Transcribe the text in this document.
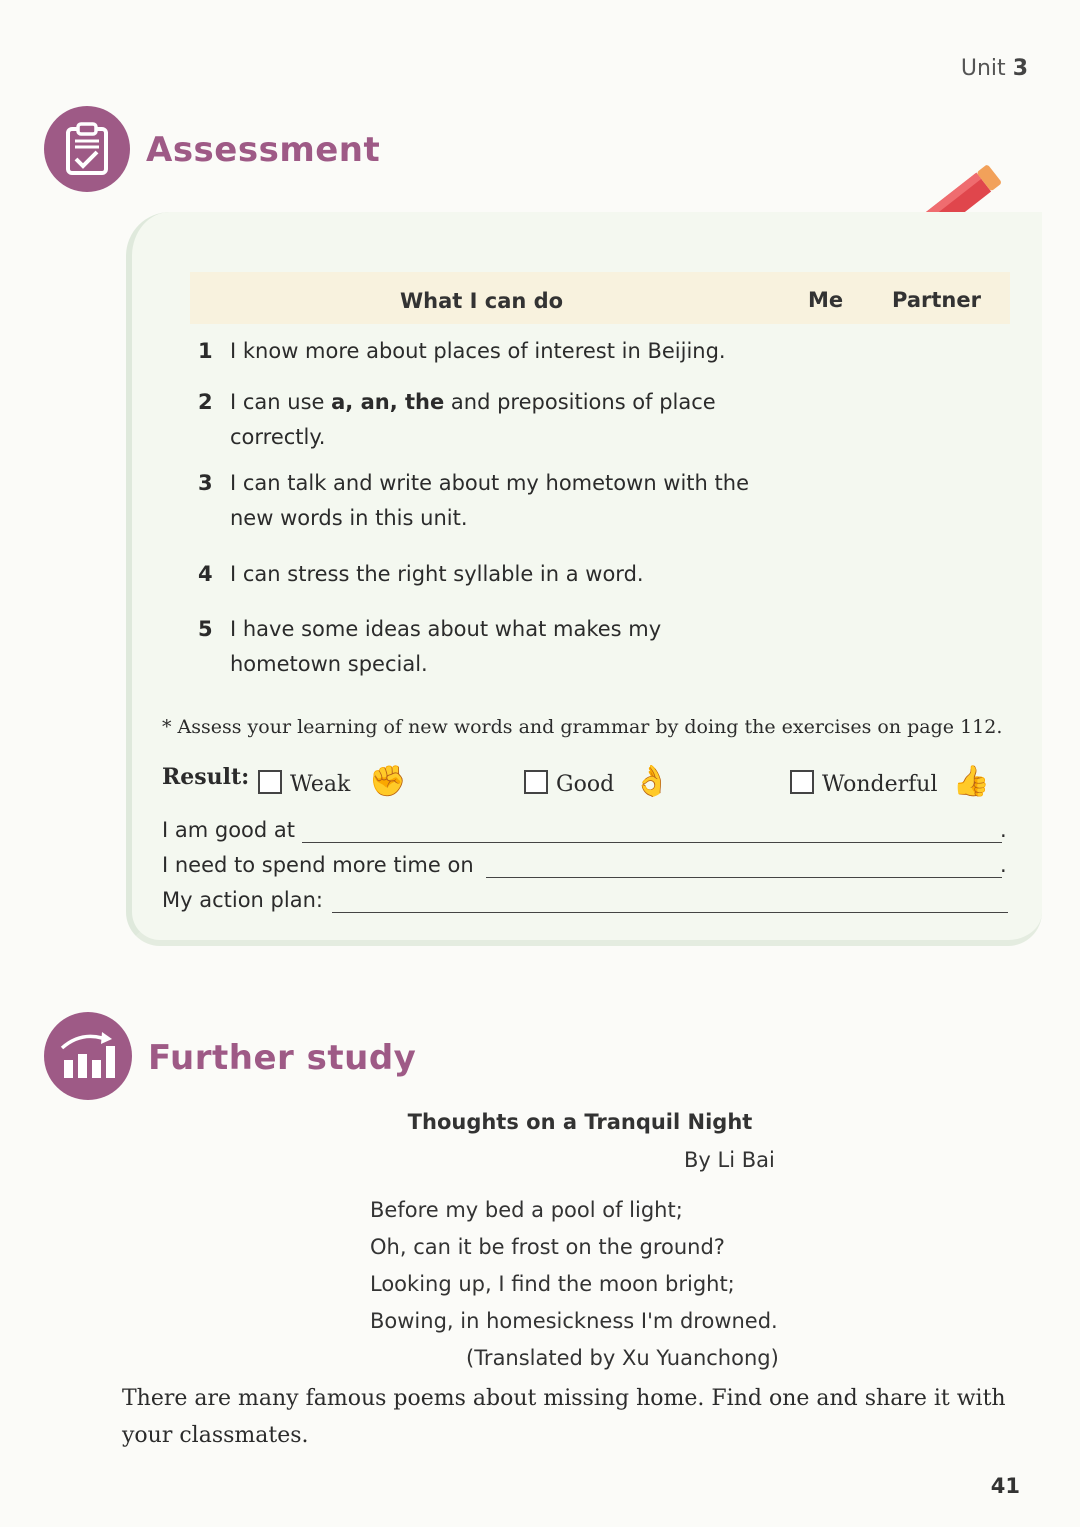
Unit 3
Assessment
What I can do	Me Partner
1 I know more about places of interest in Beijing.
2 I can use a, an, the and prepositions of place correctly.
3 I can talk and write about my hometown with the new words in this unit.
4 I can stress the right syllable in a word.
5 I have some ideas about what makes my hometown special.
* Assess your learning of new words and grammar by doing the exercises on page 112.
Result:	Weak ✊	Good 👌	Wonderful 👍
I am good at	.
I need to spend more time on	.
My action plan:
Further study
Thoughts on a Tranquil Night
By Li Bai
Before my bed a pool of light;
Oh, can it be frost on the ground?
Looking up, I find the moon bright;
Bowing, in homesickness I'm drowned.
(Translated by Xu Yuanchong)
There are many famous poems about missing home. Find one and share it with your classmates.
41
